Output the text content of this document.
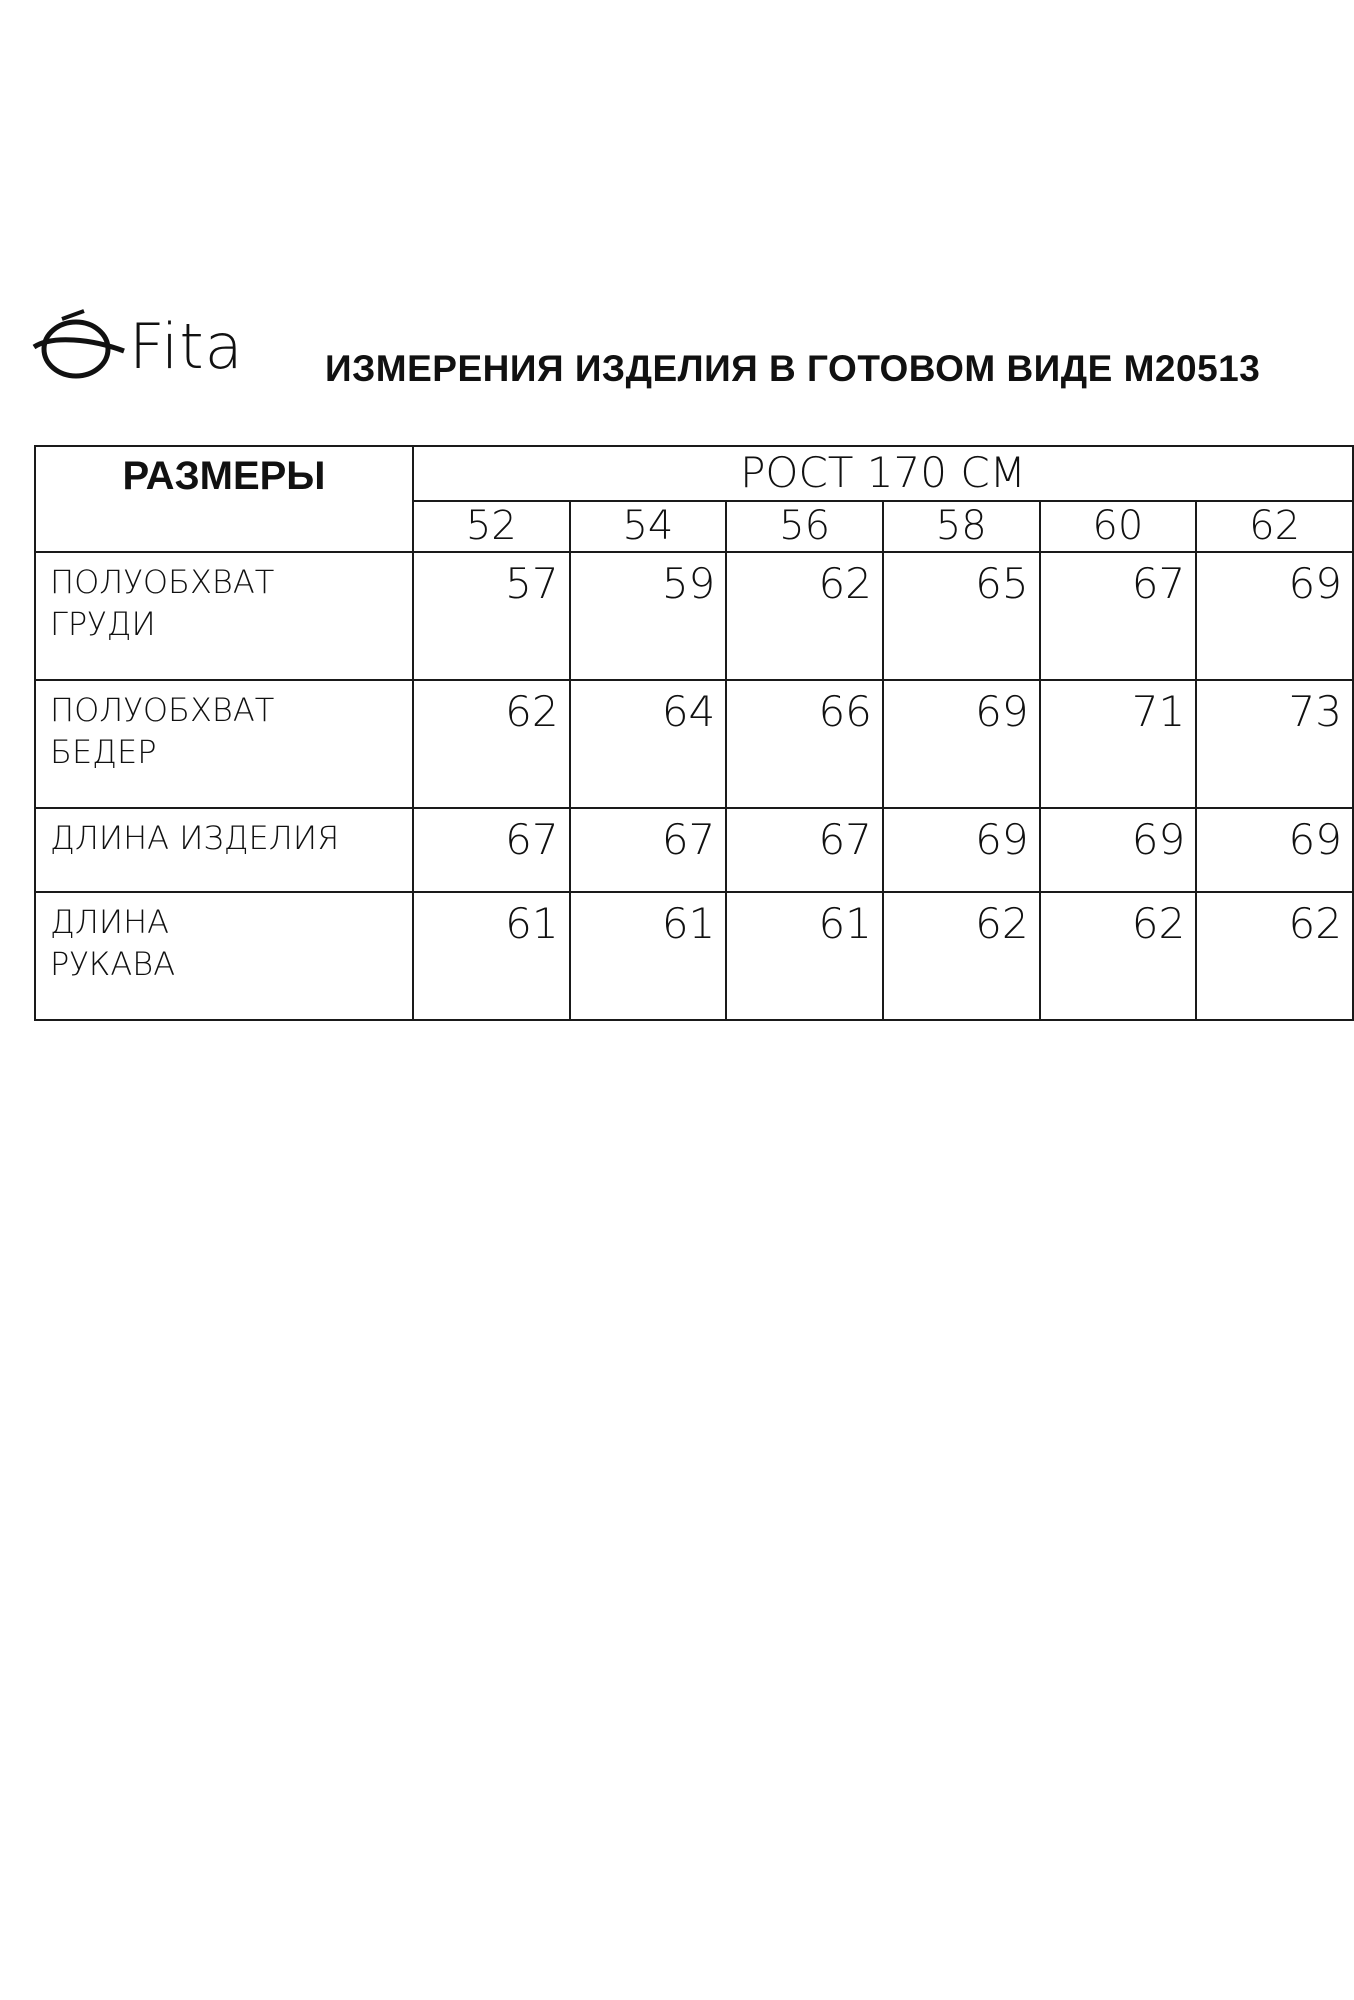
Fita ИЗМЕРЕНИЯ ИЗДЕЛИЯ В ГОТОВОМ ВИДЕ М20513
РАЗМЕРЫ	РОСТ 170 СМ					
	52	54	56	58	60	62

ПОЛУОБХВАТ
ГРУДИ	57	59	62	65	67	69

ПОЛУОБХВАТ
БЕДЕР	62	64	66	69	71	73

ДЛИНА ИЗДЕЛИЯ	67	67	67	69	69	69

ДЛИНА
РУКАВА	61	61	61	62	62	62
